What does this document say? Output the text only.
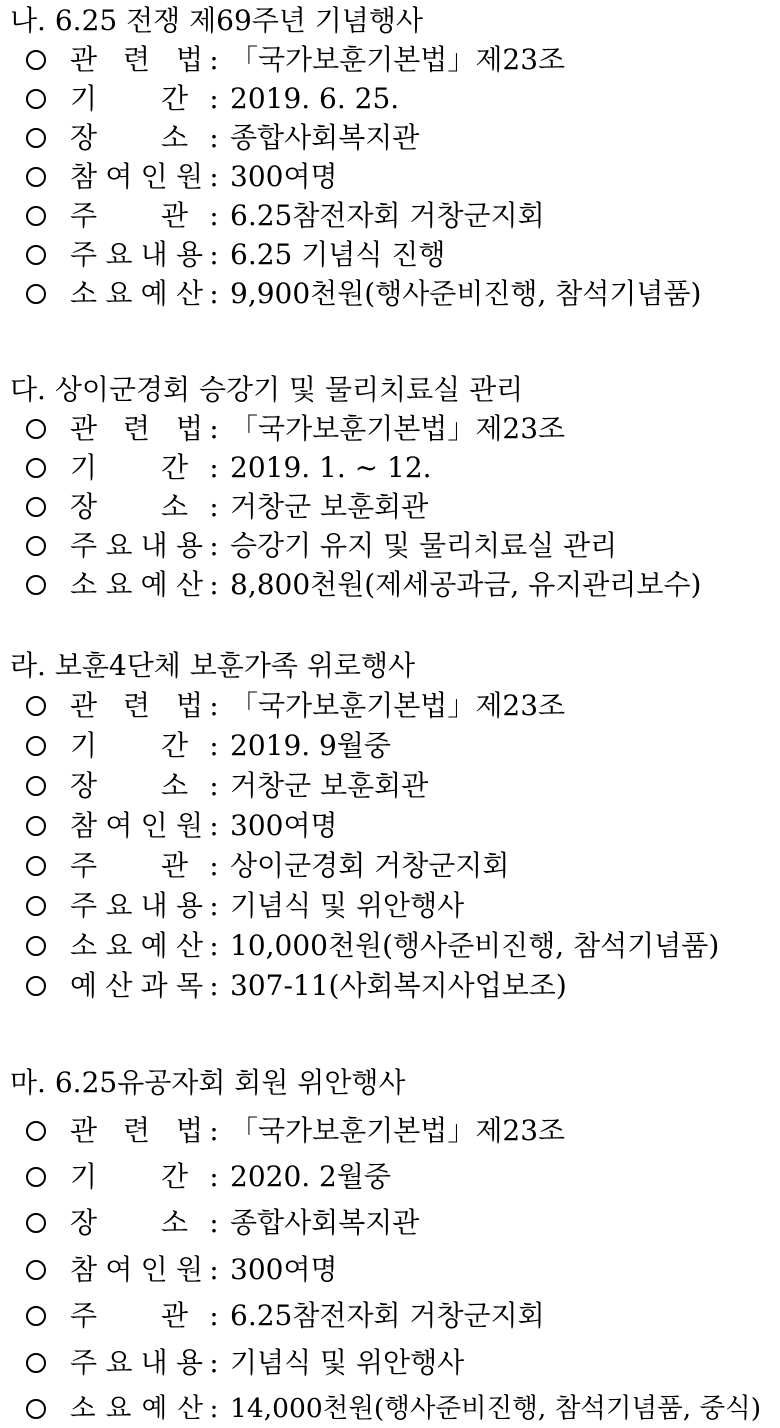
나. 6.25 전쟁 제69주년 기념행사
관 련 법 : 「국가보훈기본법」제23조
기 간 : 2019. 6. 25.
장 소 : 종합사회복지관
참 여 인 원 : 300여명
주 관 : 6.25참전자회 거창군지회
주 요 내 용 : 6.25 기념식 진행
소 요 예 산 : 9,900천원(행사준비진행, 참석기념품)
다. 상이군경회 승강기 및 물리치료실 관리
관 련 법 : 「국가보훈기본법」제23조
기 간 : 2019. 1. ~ 12.
장 소 : 거창군 보훈회관
주 요 내 용 : 승강기 유지 및 물리치료실 관리
소 요 예 산 : 8,800천원(제세공과금, 유지관리보수)
라. 보훈4단체 보훈가족 위로행사
관 련 법 : 「국가보훈기본법」제23조
기 간 : 2019. 9월중
장 소 : 거창군 보훈회관
참 여 인 원 : 300여명
주 관 : 상이군경회 거창군지회
주 요 내 용 : 기념식 및 위안행사
소 요 예 산 : 10,000천원(행사준비진행, 참석기념품)
예 산 과 목 : 307-11(사회복지사업보조)
마. 6.25유공자회 회원 위안행사
관 련 법 : 「국가보훈기본법」제23조
기 간 : 2020. 2월중
장 소 : 종합사회복지관
참 여 인 원 : 300여명
주 관 : 6.25참전자회 거창군지회
주 요 내 용 : 기념식 및 위안행사
소 요 예 산 : 14,000천원(행사준비진행, 참석기념품, 중식)
